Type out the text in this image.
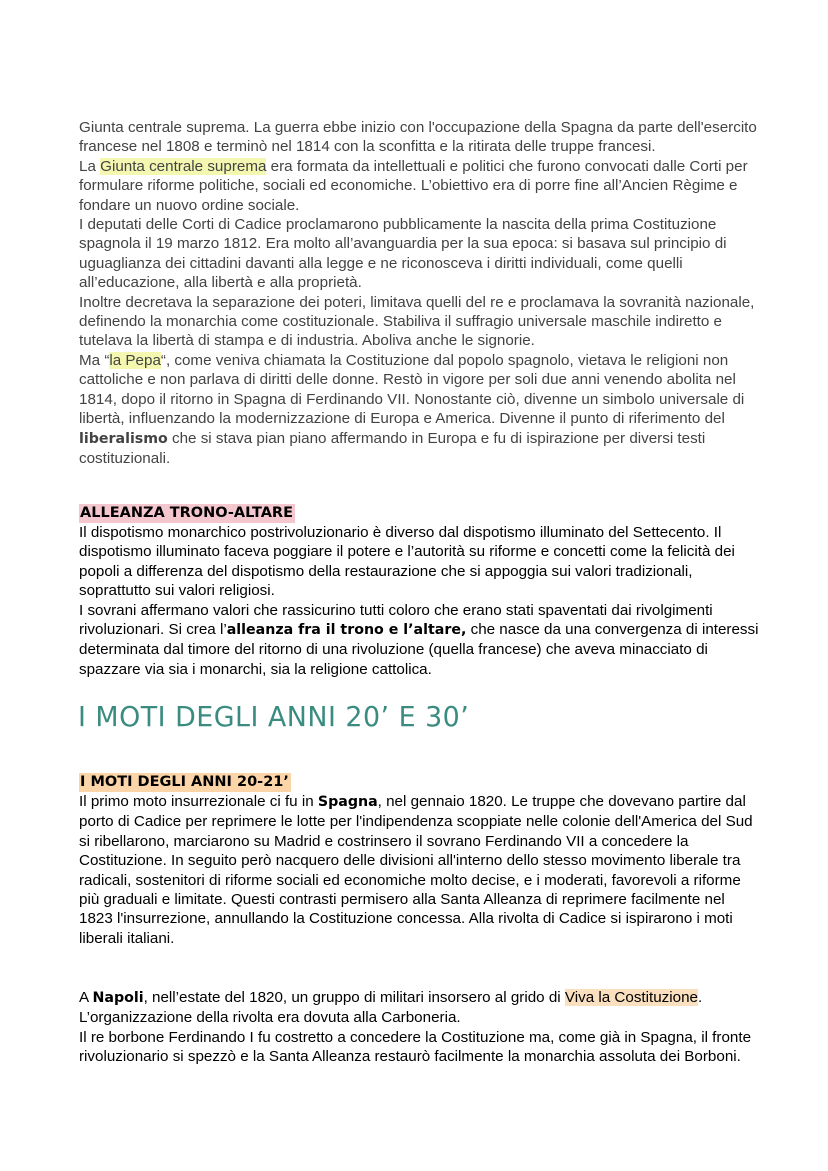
Giunta centrale suprema. La guerra ebbe inizio con l'occupazione della Spagna da parte dell'esercito francese nel 1808 e terminò nel 1814 con la sconfitta e la ritirata delle truppe francesi.

La Giunta centrale suprema era formata da intellettuali e politici che furono convocati dalle Corti per formulare riforme politiche, sociali ed economiche. L’obiettivo era di porre fine all’Ancien Règime e fondare un nuovo ordine sociale.

I deputati delle Corti di Cadice proclamarono pubblicamente la nascita della prima Costituzione spagnola il 19 marzo 1812. Era molto all’avanguardia per la sua epoca: si basava sul principio di uguaglianza dei cittadini davanti alla legge e ne riconosceva i diritti individuali, come quelli all’educazione, alla libertà e alla proprietà.

Inoltre decretava la separazione dei poteri, limitava quelli del re e proclamava la sovranità nazionale, definendo la monarchia come costituzionale. Stabiliva il suffragio universale maschile indiretto e tutelava la libertà di stampa e di industria. Aboliva anche le signorie.

Ma “la Pepa“, come veniva chiamata la Costituzione dal popolo spagnolo, vietava le religioni non cattoliche e non parlava di diritti delle donne. Restò in vigore per soli due anni venendo abolita nel 1814, dopo il ritorno in Spagna di Ferdinando VII. Nonostante ciò, divenne un simbolo universale di libertà, influenzando la modernizzazione di Europa e America. Divenne il punto di riferimento del liberalismo che si stava pian piano affermando in Europa e fu di ispirazione per diversi testi costituzionali.

ALLEANZA TRONO-ALTARE

Il dispotismo monarchico postrivoluzionario è diverso dal dispotismo illuminato del Settecento. Il dispotismo illuminato faceva poggiare il potere e l’autorità su riforme e concetti come la felicità dei popoli a differenza del dispotismo della restaurazione che si appoggia sui valori tradizionali, soprattutto sui valori religiosi.

I sovrani affermano valori che rassicurino tutti coloro che erano stati spaventati dai rivolgimenti rivoluzionari. Si crea l’alleanza fra il trono e l’altare, che nasce da una convergenza di interessi determinata dal timore del ritorno di una rivoluzione (quella francese) che aveva minacciato di spazzare via sia i monarchi, sia la religione cattolica.

I MOTI DEGLI ANNI 20’ E 30’
I MOTI DEGLI ANNI 20-21’

Il primo moto insurrezionale ci fu in Spagna, nel gennaio 1820. Le truppe che dovevano partire dal porto di Cadice per reprimere le lotte per l'indipendenza scoppiate nelle colonie dell'America del Sud si ribellarono, marciarono su Madrid e costrinsero il sovrano Ferdinando VII a concedere la Costituzione. In seguito però nacquero delle divisioni all'interno dello stesso movimento liberale tra radicali, sostenitori di riforme sociali ed economiche molto decise, e i moderati, favorevoli a riforme più graduali e limitate. Questi contrasti permisero alla Santa Alleanza di reprimere facilmente nel 1823 l'insurrezione, annullando la Costituzione concessa. Alla rivolta di Cadice si ispirarono i moti liberali italiani.

A Napoli, nell’estate del 1820, un gruppo di militari insorsero al grido di Viva la Costituzione. L’organizzazione della rivolta era dovuta alla Carboneria.

Il re borbone Ferdinando I fu costretto a concedere la Costituzione ma, come già in Spagna, il fronte rivoluzionario si spezzò e la Santa Alleanza restaurò facilmente la monarchia assoluta dei Borboni.
